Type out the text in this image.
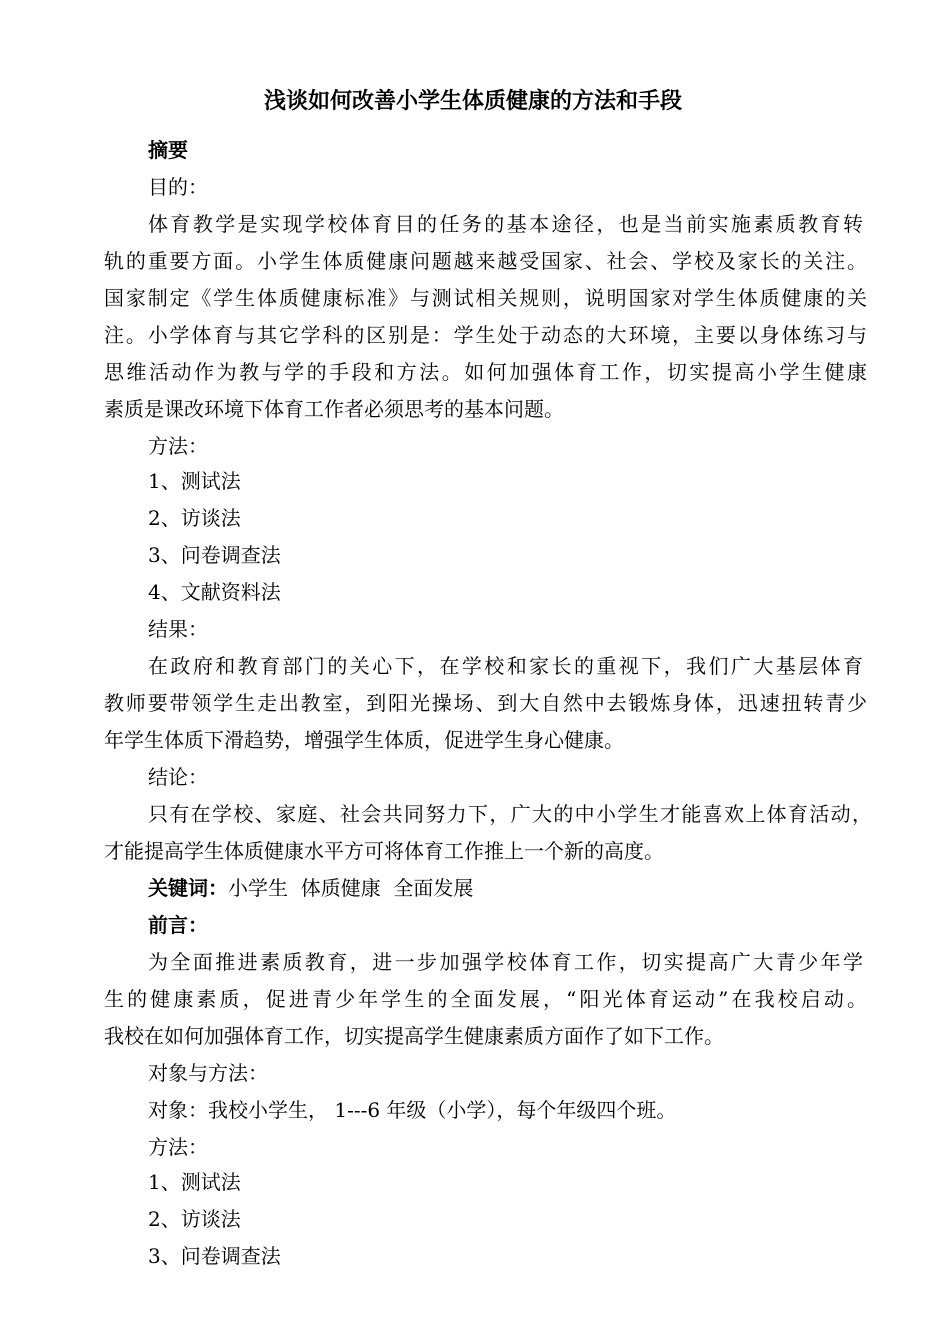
浅谈如何改善小学生体质健康的方法和手段
摘要
目的：
体育教学是实现学校体育目的任务的基本途径，也是当前实施素质教育转
轨的重要方面。小学生体质健康问题越来越受国家、社会、学校及家长的关注。
国家制定《学生体质健康标准》与测试相关规则，说明国家对学生体质健康的关
注。小学体育与其它学科的区别是：学生处于动态的大环境，主要以身体练习与
思维活动作为教与学的手段和方法。如何加强体育工作，切实提高小学生健康
素质是课改环境下体育工作者必须思考的基本问题。
方法：
1、测试法
2、访谈法
3、问卷调查法
4、文献资料法
结果：
在政府和教育部门的关心下，在学校和家长的重视下，我们广大基层体育
教师要带领学生走出教室，到阳光操场、到大自然中去锻炼身体，迅速扭转青少
年学生体质下滑趋势，增强学生体质，促进学生身心健康。
结论：
只有在学校、家庭、社会共同努力下，广大的中小学生才能喜欢上体育活动，
才能提高学生体质健康水平方可将体育工作推上一个新的高度。
关键词：小学生  体质健康  全面发展
前言：
为全面推进素质教育，进一步加强学校体育工作，切实提高广大青少年学
生的健康素质，促进青少年学生的全面发展，“阳光体育运动”在我校启动。
我校在如何加强体育工作，切实提高学生健康素质方面作了如下工作。
对象与方法：
对象：我校小学生， 1---6 年级（小学），每个年级四个班。
方法：
1、测试法
2、访谈法
3、问卷调查法
